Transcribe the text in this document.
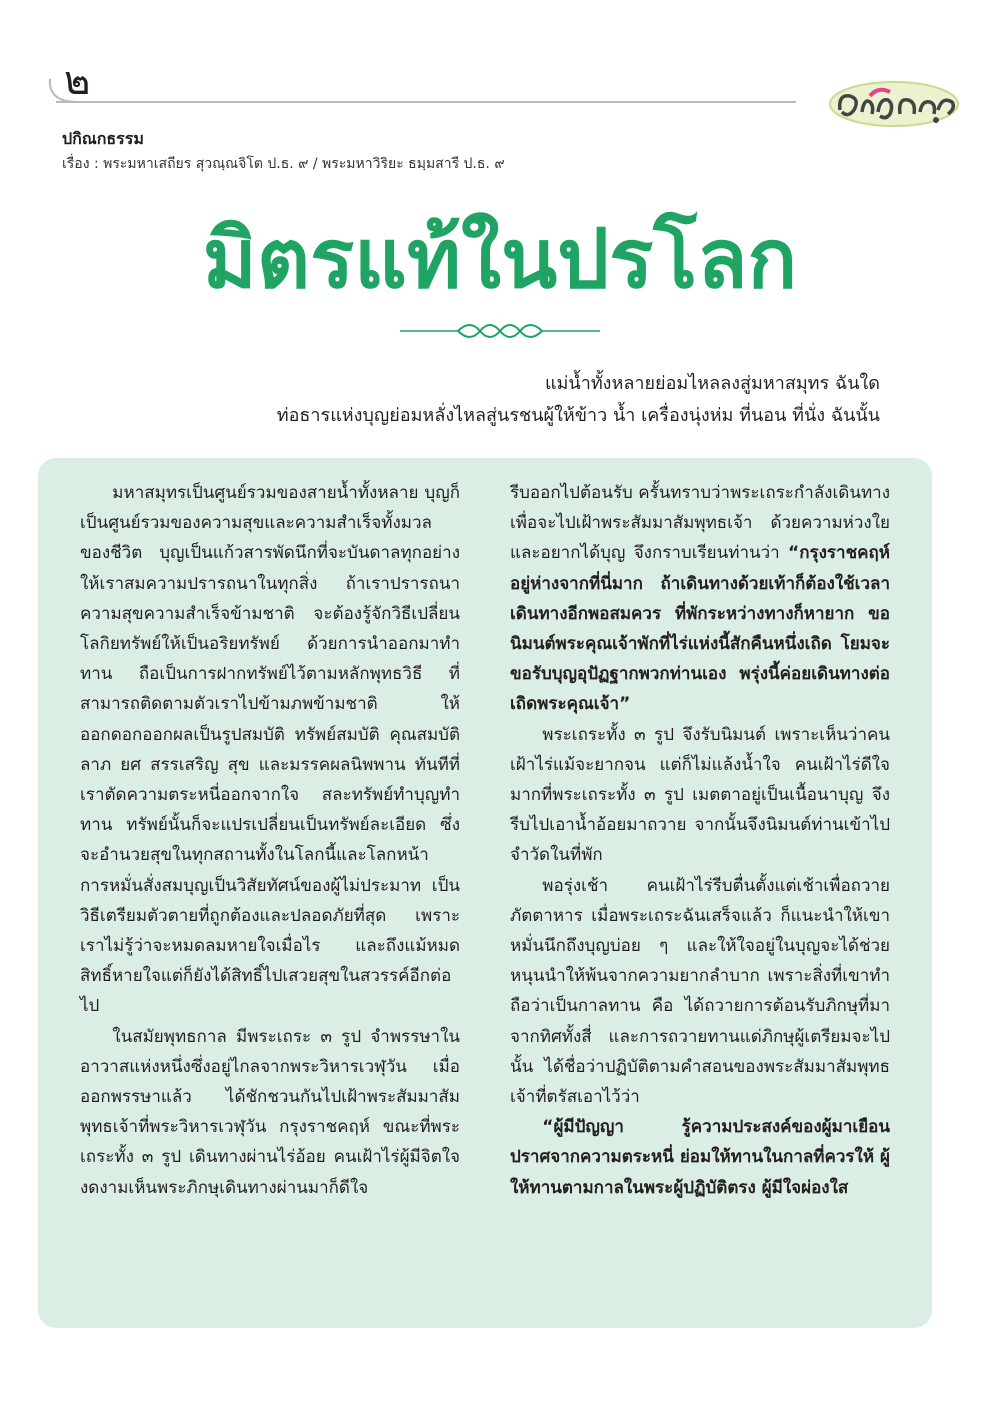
๒
ปกิณกธรรม
เรื่อง : พระมหาเสถียร สุวณฺณจิโต ป.ธ. ๙ / พระมหาวิริยะ ธมฺมสารี ป.ธ. ๙
มิตรแท้ในปรโลก
แม่น้ำทั้งหลายย่อมไหลลงสู่มหาสมุทร ฉันใด
ท่อธารแห่งบุญย่อมหลั่งไหลสู่นรชนผู้ให้ข้าว น้ำ เครื่องนุ่งห่ม ที่นอน ที่นั่ง ฉันนั้น

มหาสมุทรเป็นศูนย์รวมของสายน้ำทั้งหลาย บุญก็เป็นศูนย์รวมของความสุขและความสำเร็จทั้งมวลของชีวิต บุญเป็นแก้วสารพัดนึกที่จะบันดาลทุกอย่างให้เราสมความปรารถนาในทุกสิ่ง ถ้าเราปรารถนาความสุขความสำเร็จข้ามชาติ จะต้องรู้จักวิธีเปลี่ยนโลกิยทรัพย์ให้เป็นอริยทรัพย์ ด้วยการนำออกมาทำทาน ถือเป็นการฝากทรัพย์ไว้ตามหลักพุทธวิธี ที่สามารถติดตามตัวเราไปข้ามภพข้ามชาติ ให้ออกดอกออกผลเป็นรูปสมบัติ ทรัพย์สมบัติ คุณสมบัติ ลาภ ยศ สรรเสริญ สุข และมรรคผลนิพพาน ทันทีที่เราตัดความตระหนี่ออกจากใจ สละทรัพย์ทำบุญทำทาน ทรัพย์นั้นก็จะแปรเปลี่ยนเป็นทรัพย์ละเอียด ซึ่งจะอำนวยสุขในทุกสถานทั้งในโลกนี้และโลกหน้า การหมั่นสั่งสมบุญเป็นวิสัยทัศน์ของผู้ไม่ประมาท เป็นวิธีเตรียมตัวตายที่ถูกต้องและปลอดภัยที่สุด เพราะเราไม่รู้ว่าจะหมดลมหายใจเมื่อไร และถึงแม้หมดสิทธิ์หายใจแต่ก็ยังได้สิทธิ์ไปเสวยสุขในสวรรค์อีกต่อไป

ในสมัยพุทธกาล มีพระเถระ ๓ รูป จำพรรษาในอาวาสแห่งหนึ่งซึ่งอยู่ไกลจากพระวิหารเวฬุวัน เมื่อออกพรรษาแล้ว ได้ชักชวนกันไปเฝ้าพระสัมมาสัมพุทธเจ้าที่พระวิหารเวฬุวัน กรุงราชคฤห์ ขณะที่พระเถระทั้ง ๓ รูป เดินทางผ่านไร่อ้อย คนเฝ้าไร่ผู้มีจิตใจงดงามเห็นพระภิกษุเดินทางผ่านมาก็ดีใจ

รีบออกไปต้อนรับ ครั้นทราบว่าพระเถระกำลังเดินทางเพื่อจะไปเฝ้าพระสัมมาสัมพุทธเจ้า ด้วยความห่วงใยและอยากได้บุญ จึงกราบเรียนท่านว่า “กรุงราชคฤห์อยู่ห่างจากที่นี่มาก ถ้าเดินทางด้วยเท้าก็ต้องใช้เวลาเดินทางอีกพอสมควร ที่พักระหว่างทางก็หายาก ขอนิมนต์พระคุณเจ้าพักที่ไร่แห่งนี้สักคืนหนึ่งเถิด โยมจะขอรับบุญอุปัฏฐากพวกท่านเอง พรุ่งนี้ค่อยเดินทางต่อเถิดพระคุณเจ้า”

พระเถระทั้ง ๓ รูป จึงรับนิมนต์ เพราะเห็นว่าคนเฝ้าไร่แม้จะยากจน แต่ก็ไม่แล้งน้ำใจ คนเฝ้าไร่ดีใจมากที่พระเถระทั้ง ๓ รูป เมตตาอยู่เป็นเนื้อนาบุญ จึงรีบไปเอาน้ำอ้อยมาถวาย จากนั้นจึงนิมนต์ท่านเข้าไปจำวัดในที่พัก

พอรุ่งเช้า คนเฝ้าไร่รีบตื่นตั้งแต่เช้าเพื่อถวายภัตตาหาร เมื่อพระเถระฉันเสร็จแล้ว ก็แนะนำให้เขาหมั่นนึกถึงบุญบ่อย ๆ และให้ใจอยู่ในบุญจะได้ช่วยหนุนนำให้พ้นจากความยากลำบาก เพราะสิ่งที่เขาทำถือว่าเป็นกาลทาน คือ ได้ถวายการต้อนรับภิกษุที่มาจากทิศทั้งสี่ และการถวายทานแด่ภิกษุผู้เตรียมจะไปนั้น ได้ชื่อว่าปฏิบัติตามคำสอนของพระสัมมาสัมพุทธเจ้าที่ตรัสเอาไว้ว่า

“ผู้มีปัญญา รู้ความประสงค์ของผู้มาเยือน ปราศจากความตระหนี่ ย่อมให้ทานในกาลที่ควรให้ ผู้ให้ทานตามกาลในพระผู้ปฏิบัติตรง ผู้มีใจผ่องใส
